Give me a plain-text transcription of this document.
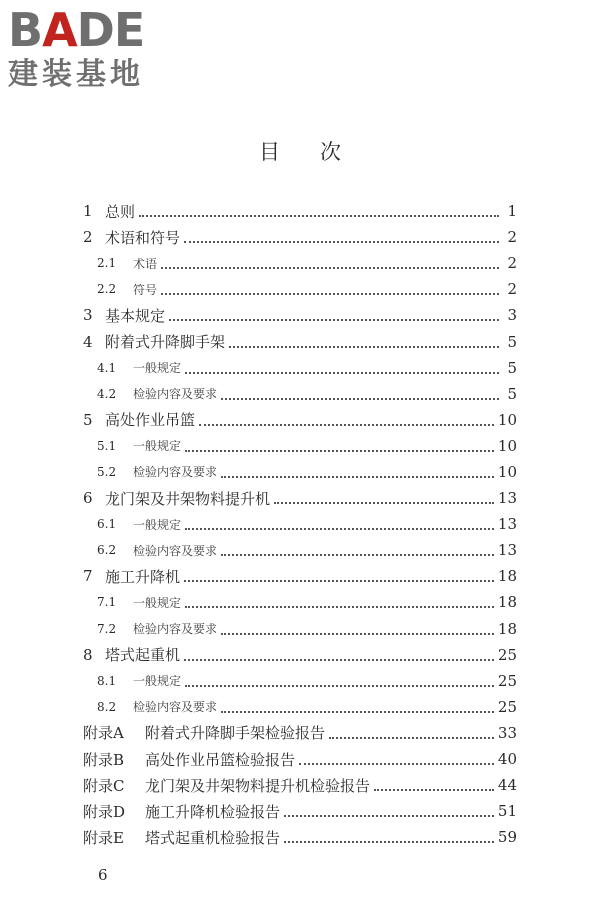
B A DE
建装基地
目次
1 总则	1
2 术语和符号	2
2.1	术语	2
2.2	符号	2
3 基本规定	3
4 附着式升降脚手架	5
4.1	一般规定	5
4.2	检验内容及要求	5
5 高处作业吊篮	10
5.1	一般规定	10
5.2	检验内容及要求	10
6 龙门架及井架物料提升机	13
6.1	一般规定	13
6.2	检验内容及要求	13
7 施工升降机	18
7.1	一般规定	18
7.2	检验内容及要求	18
8 塔式起重机	25
8.1	一般规定	25
8.2	检验内容及要求	25
附录A	附着式升降脚手架检验报告	33
附录B	高处作业吊篮检验报告	40
附录C	龙门架及井架物料提升机检验报告	44
附录D	施工升降机检验报告	51
附录E	塔式起重机检验报告	59
6
